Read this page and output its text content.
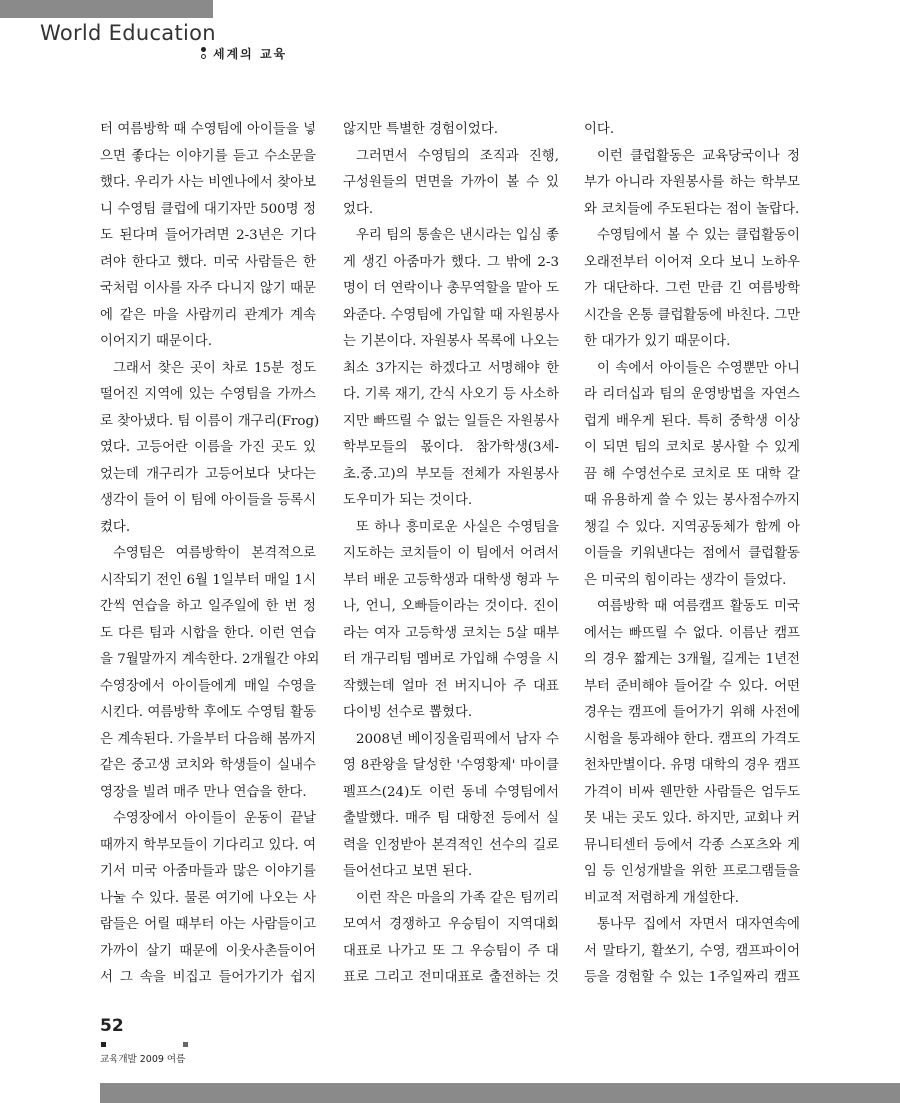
World Education
세계의 교육
터 여름방학 때 수영팀에 아이들을 넣
으면 좋다는 이야기를 듣고 수소문을
했다. 우리가 사는 비엔나에서 찾아보
니 수영팀 클럽에 대기자만 500명 정
도 된다며 들어가려면 2-3년은 기다
려야 한다고 했다. 미국 사람들은 한
국처럼 이사를 자주 다니지 않기 때문
에 같은 마을 사람끼리 관계가 계속
이어지기 때문이다.
그래서 찾은 곳이 차로 15분 정도
떨어진 지역에 있는 수영팀을 가까스
로 찾아냈다. 팀 이름이 개구리(Frog)
였다. 고등어란 이름을 가진 곳도 있
었는데 개구리가 고등어보다 낫다는
생각이 들어 이 팀에 아이들을 등록시
켰다.
수영팀은 여름방학이 본격적으로
시작되기 전인 6월 1일부터 매일 1시
간씩 연습을 하고 일주일에 한 번 정
도 다른 팀과 시합을 한다. 이런 연습
을 7월말까지 계속한다. 2개월간 야외
수영장에서 아이들에게 매일 수영을
시킨다. 여름방학 후에도 수영팀 활동
은 계속된다. 가을부터 다음해 봄까지
같은 중고생 코치와 학생들이 실내수
영장을 빌려 매주 만나 연습을 한다.
수영장에서 아이들이 운동이 끝날
때까지 학부모들이 기다리고 있다. 여
기서 미국 아줌마들과 많은 이야기를
나눌 수 있다. 물론 여기에 나오는 사
람들은 어릴 때부터 아는 사람들이고
가까이 살기 때문에 이웃사촌들이어
서 그 속을 비집고 들어가기가 쉽지
않지만 특별한 경험이었다.
그러면서 수영팀의 조직과 진행,
구성원들의 면면을 가까이 볼 수 있
었다.
우리 팀의 통솔은 낸시라는 입심 좋
게 생긴 아줌마가 했다. 그 밖에 2-3
명이 더 연락이나 총무역할을 맡아 도
와준다. 수영팀에 가입할 때 자원봉사
는 기본이다. 자원봉사 목록에 나오는
최소 3가지는 하겠다고 서명해야 한
다. 기록 재기, 간식 사오기 등 사소하
지만 빠뜨릴 수 없는 일들은 자원봉사
학부모들의 몫이다. 참가학생(3세-
초.중.고)의 부모들 전체가 자원봉사
도우미가 되는 것이다.
또 하나 흥미로운 사실은 수영팀을
지도하는 코치들이 이 팀에서 어려서
부터 배운 고등학생과 대학생 형과 누
나, 언니, 오빠들이라는 것이다. 진이
라는 여자 고등학생 코치는 5살 때부
터 개구리팀 멤버로 가입해 수영을 시
작했는데 얼마 전 버지니아 주 대표
다이빙 선수로 뽑혔다.
2008년 베이징올림픽에서 남자 수
영 8관왕을 달성한 '수영황제' 마이클
펠프스(24)도 이런 동네 수영팀에서
출발했다. 매주 팀 대항전 등에서 실
력을 인정받아 본격적인 선수의 길로
들어선다고 보면 된다.
이런 작은 마을의 가족 같은 팀끼리
모여서 경쟁하고 우승팀이 지역대회
대표로 나가고 또 그 우승팀이 주 대
표로 그리고 전미대표로 출전하는 것
이다.
이런 클럽활동은 교육당국이나 정
부가 아니라 자원봉사를 하는 학부모
와 코치들에 주도된다는 점이 놀랍다.
수영팀에서 볼 수 있는 클럽활동이
오래전부터 이어져 오다 보니 노하우
가 대단하다. 그런 만큼 긴 여름방학
시간을 온통 클럽활동에 바친다. 그만
한 대가가 있기 때문이다.
이 속에서 아이들은 수영뿐만 아니
라 리더십과 팀의 운영방법을 자연스
럽게 배우게 된다. 특히 중학생 이상
이 되면 팀의 코치로 봉사할 수 있게
끔 해 수영선수로 코치로 또 대학 갈
때 유용하게 쓸 수 있는 봉사점수까지
챙길 수 있다. 지역공동체가 함께 아
이들을 키워낸다는 점에서 클럽활동
은 미국의 힘이라는 생각이 들었다.
여름방학 때 여름캠프 활동도 미국
에서는 빠뜨릴 수 없다. 이름난 캠프
의 경우 짧게는 3개월, 길게는 1년전
부터 준비해야 들어갈 수 있다. 어떤
경우는 캠프에 들어가기 위해 사전에
시험을 통과해야 한다. 캠프의 가격도
천차만별이다. 유명 대학의 경우 캠프
가격이 비싸 웬만한 사람들은 엄두도
못 내는 곳도 있다. 하지만, 교회나 커
뮤니티센터 등에서 각종 스포츠와 게
임 등 인성개발을 위한 프로그램들을
비교적 저렴하게 개설한다.
통나무 집에서 자면서 대자연속에
서 말타기, 활쏘기, 수영, 캠프파이어
등을 경험할 수 있는 1주일짜리 캠프
52
교육개발 2009 여름
